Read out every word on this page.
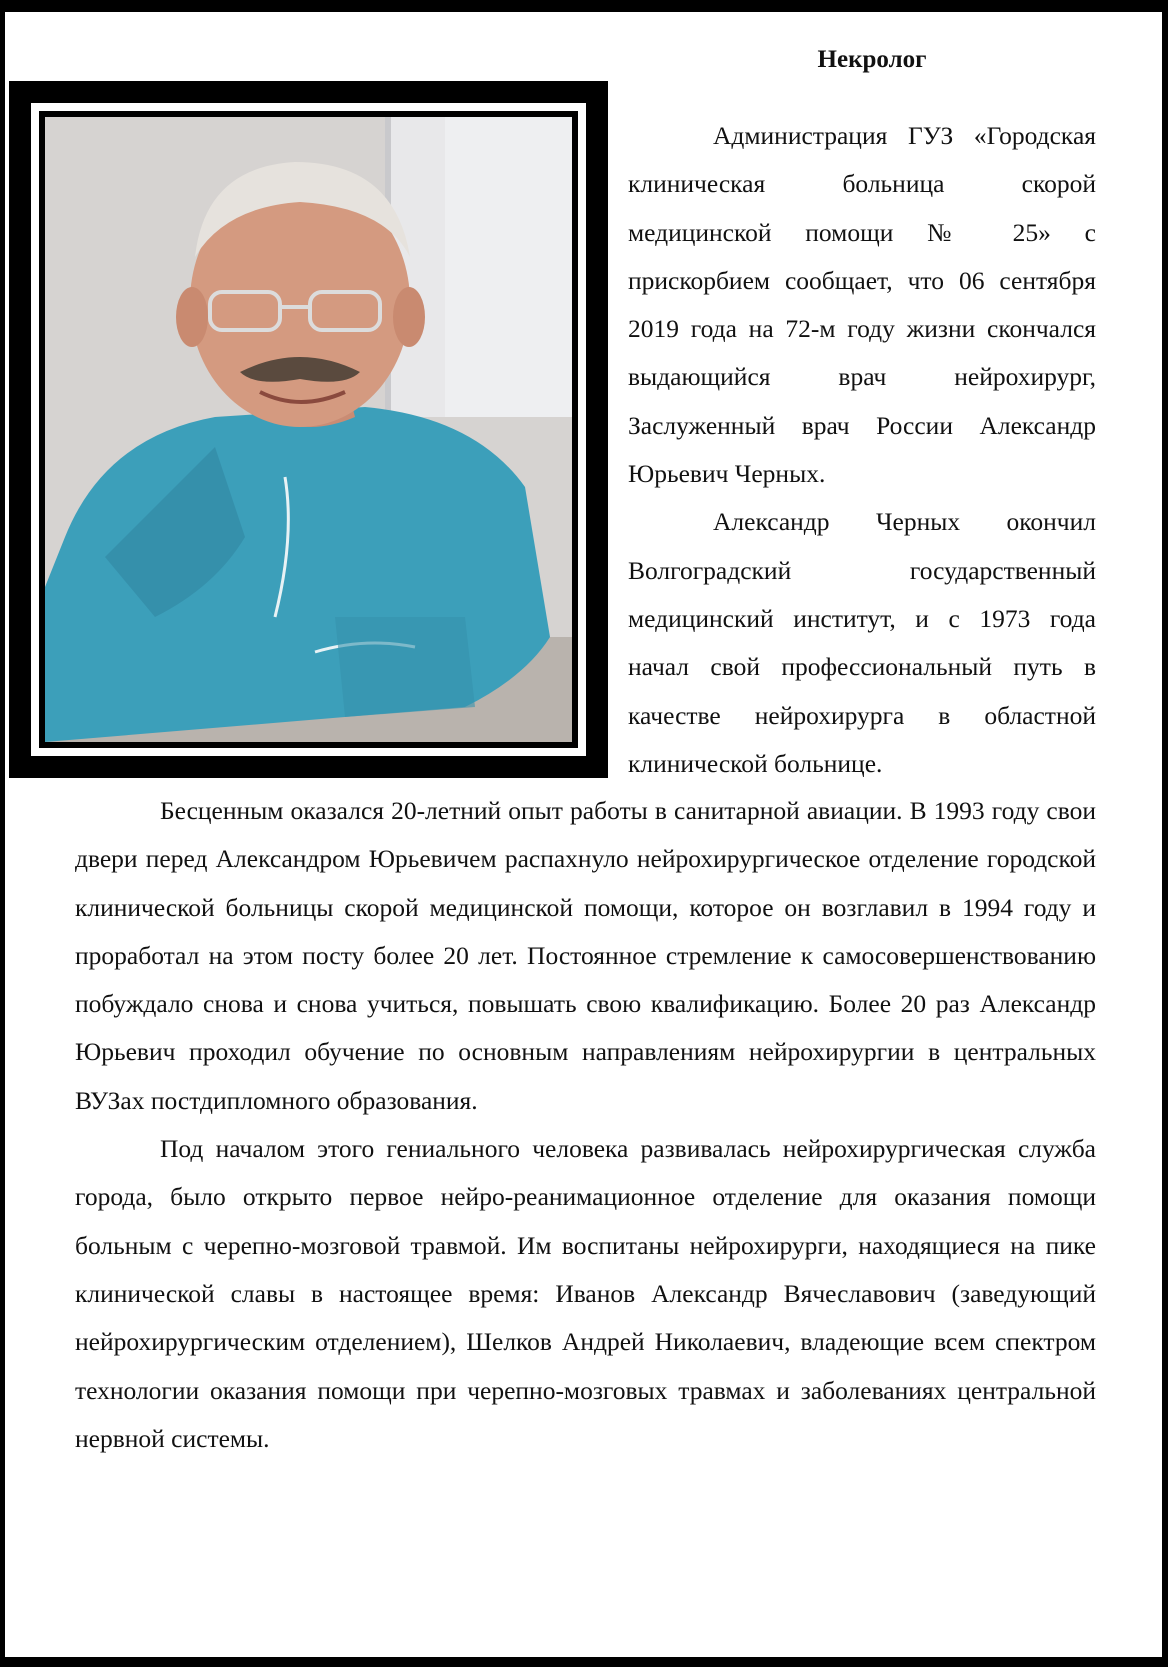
Некролог

Администрация ГУЗ «Городская клиническая больница скорой медицинской помощи № 25» с прискорбием сообщает, что 06 сентября 2019 года на 72-м году жизни скончался выдающийся врач нейрохирург, Заслуженный врач России Александр Юрьевич Черных.

Александр Черных окончил Волгоградский государственный медицинский институт, и с 1973 года начал свой профессиональный путь в качестве нейрохирурга в областной клинической больнице.

Бесценным оказался 20-летний опыт работы в санитарной авиации. В 1993 году свои двери перед Александром Юрьевичем распахнуло нейрохирургическое отделение городской клинической больницы скорой медицинской помощи, которое он возглавил в 1994 году и проработал на этом посту более 20 лет. Постоянное стремление к самосовершенствованию побуждало снова и снова учиться, повышать свою квалификацию. Более 20 раз Александр Юрьевич проходил обучение по основным направлениям нейрохирургии в центральных ВУЗах постдипломного образования.

Под началом этого гениального человека развивалась нейрохирургическая служба города, было открыто первое нейро-реанимационное отделение для оказания помощи больным с черепно-мозговой травмой. Им воспитаны нейрохирурги, находящиеся на пике клинической славы в настоящее время: Иванов Александр Вячеславович (заведующий нейрохирургическим отделением), Шелков Андрей Николаевич, владеющие всем спектром технологии оказания помощи при черепно-мозговых травмах и заболеваниях центральной нервной системы.
